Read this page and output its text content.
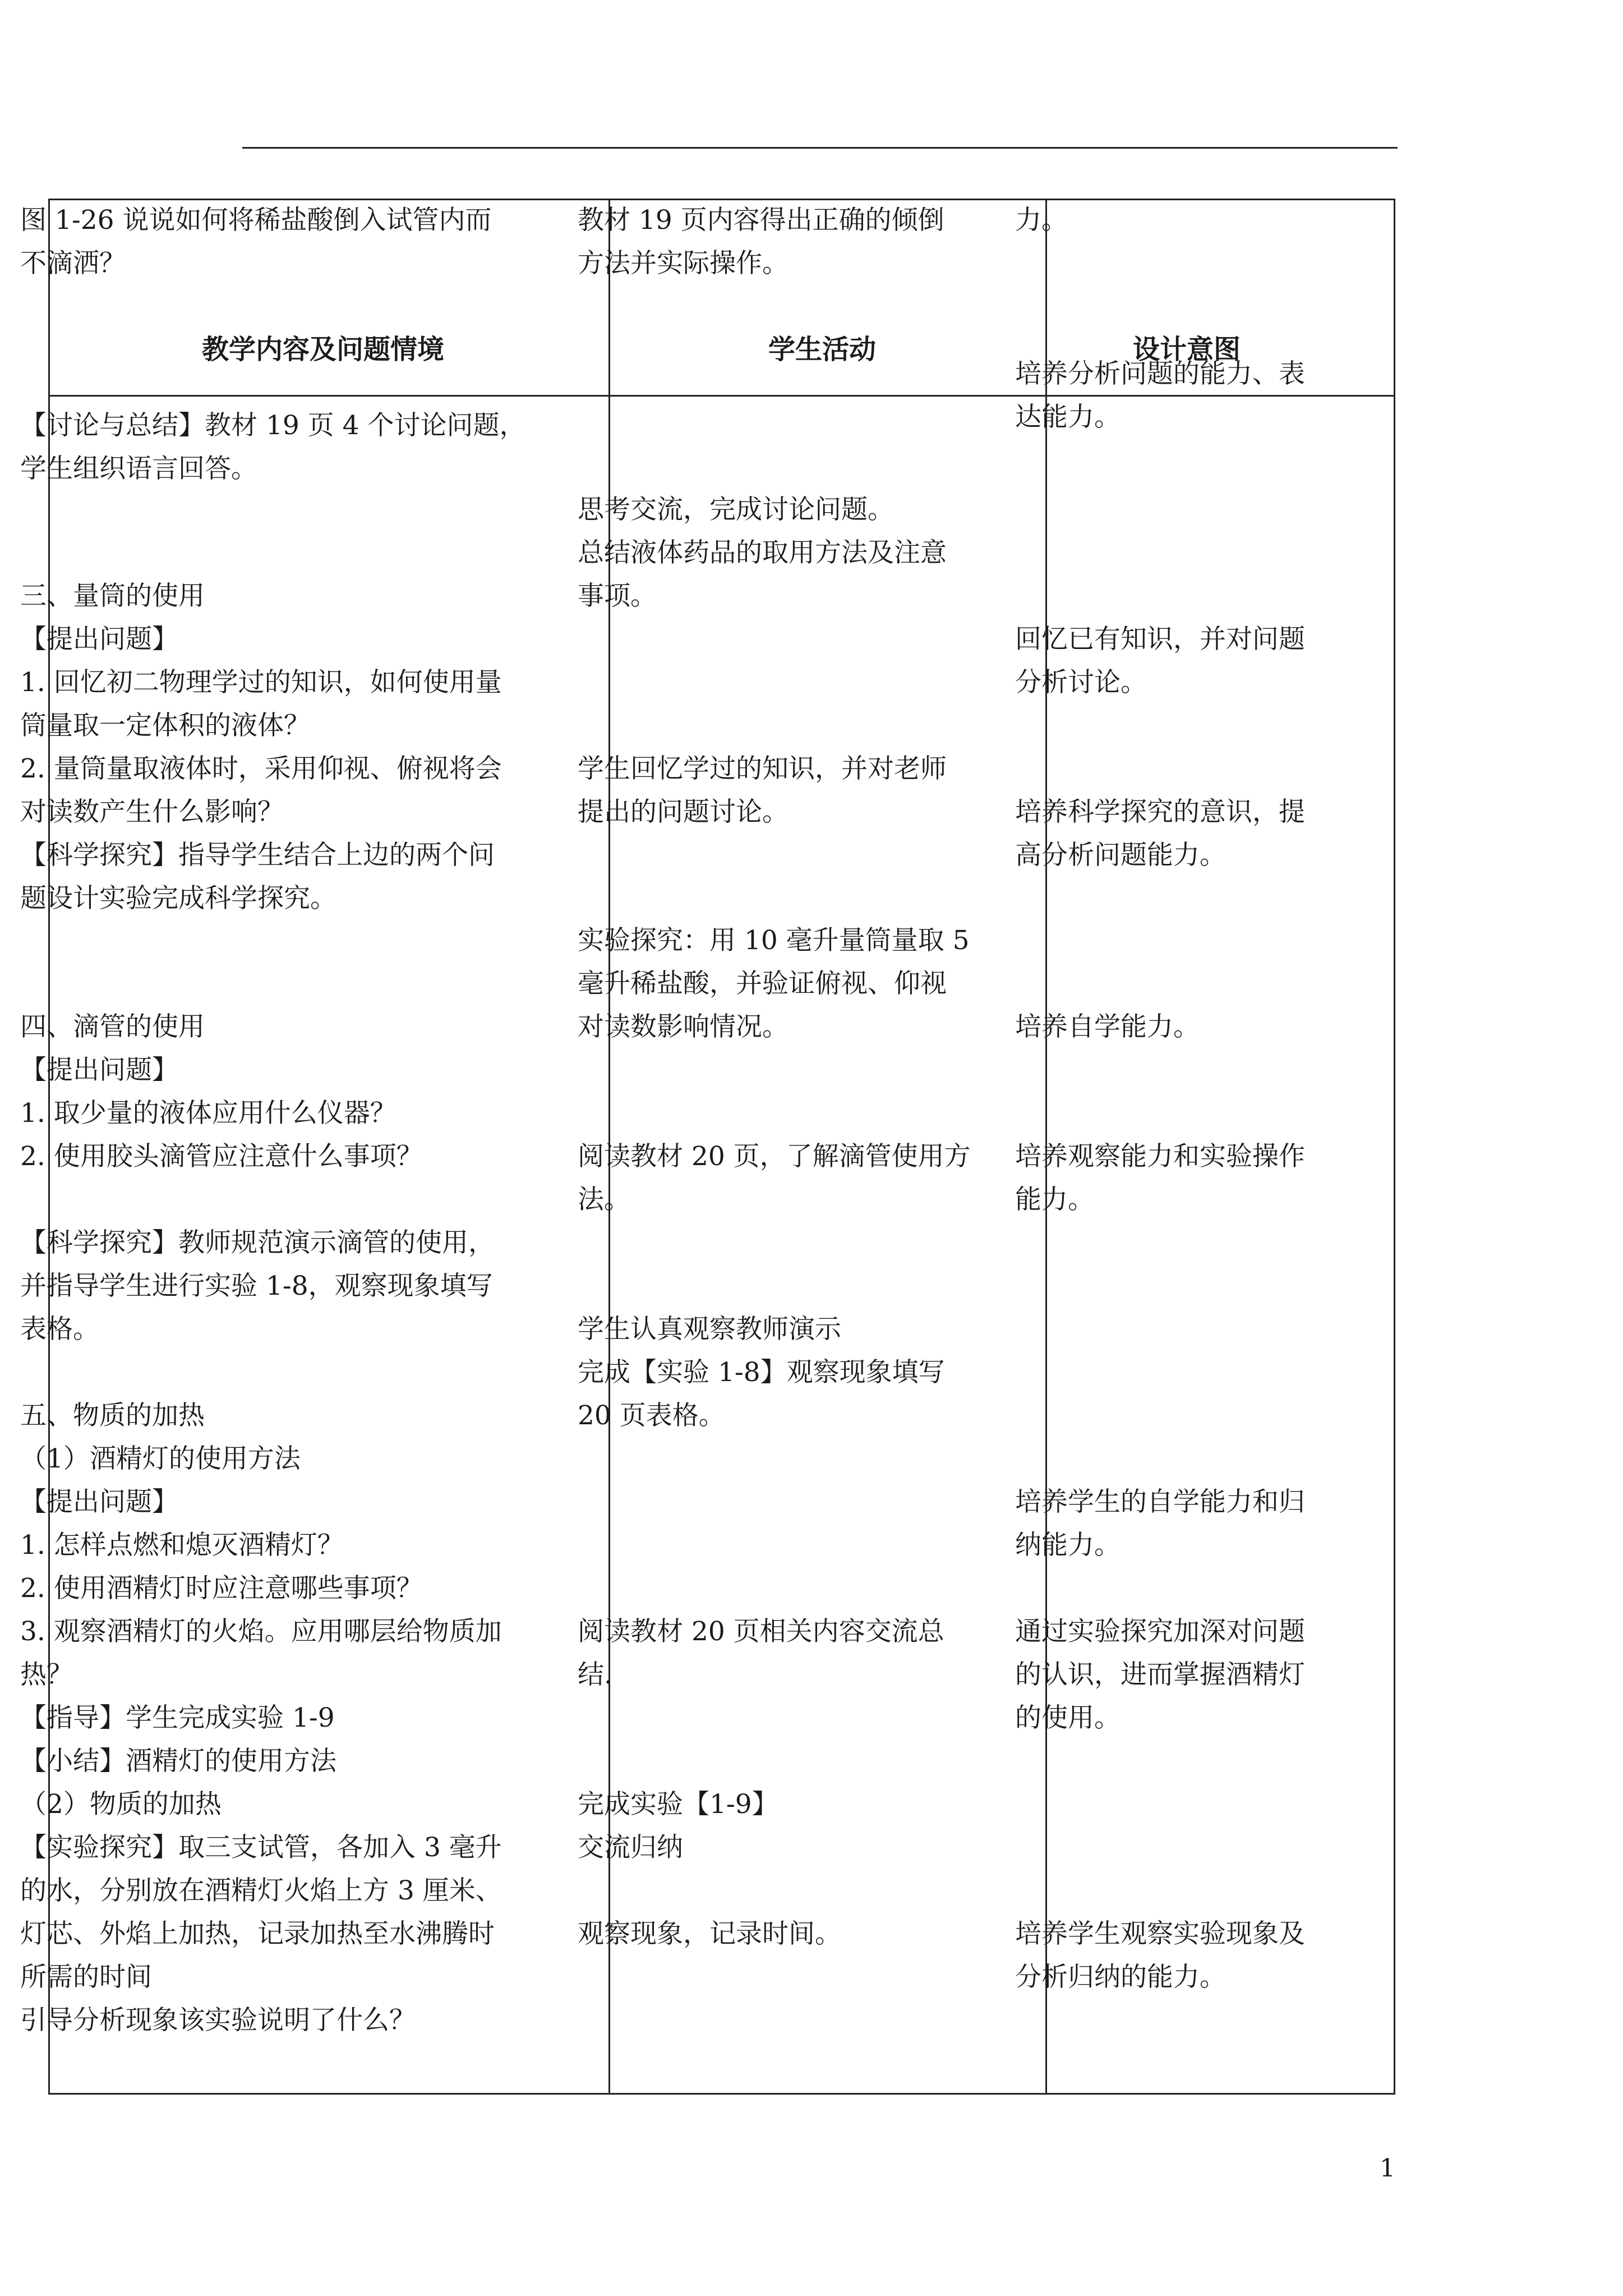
图 1-26 说说如何将稀盐酸倒入试管内而
不滴洒？
教材 19 页内容得出正确的倾倒
方法并实际操作。
力。
教学内容及问题情境	学生活动	设计意图
【讨论与总结】教材 19 页 4 个讨论问题，
学生组织语言回答。
三、量筒的使用
【提出问题】
1. 回忆初二物理学过的知识，如何使用量
筒量取一定体积的液体？
2. 量筒量取液体时，采用仰视、俯视将会
对读数产生什么影响？
【科学探究】指导学生结合上边的两个问
题设计实验完成科学探究。
四、滴管的使用
【提出问题】
1. 取少量的液体应用什么仪器？
2. 使用胶头滴管应注意什么事项？
【科学探究】教师规范演示滴管的使用，
并指导学生进行实验 1-8，观察现象填写
表格。
五、物质的加热
（1）酒精灯的使用方法
【提出问题】
1. 怎样点燃和熄灭酒精灯？
2. 使用酒精灯时应注意哪些事项？
3. 观察酒精灯的火焰。应用哪层给物质加
热？
【指导】学生完成实验 1-9
【小结】酒精灯的使用方法
（2）物质的加热
【实验探究】取三支试管，各加入 3 毫升
的水，分别放在酒精灯火焰上方 3 厘米、
灯芯、外焰上加热，记录加热至水沸腾时
所需的时间
引导分析现象该实验说明了什么？
思考交流，完成讨论问题。
总结液体药品的取用方法及注意
事项。
学生回忆学过的知识，并对老师
提出的问题讨论。
实验探究：用 10 毫升量筒量取 5
毫升稀盐酸，并验证俯视、仰视
对读数影响情况。
阅读教材 20 页，了解滴管使用方
法。
学生认真观察教师演示
完成【实验 1-8】观察现象填写
20 页表格。
阅读教材 20 页相关内容交流总
结.
完成实验【1-9】
交流归纳
观察现象，记录时间。
培养分析问题的能力、表
达能力。
回忆已有知识，并对问题
分析讨论。
培养科学探究的意识，提
高分析问题能力。
培养自学能力。
培养观察能力和实验操作
能力。
培养学生的自学能力和归
纳能力。
通过实验探究加深对问题
的认识，进而掌握酒精灯
的使用。
培养学生观察实验现象及
分析归纳的能力。
1
